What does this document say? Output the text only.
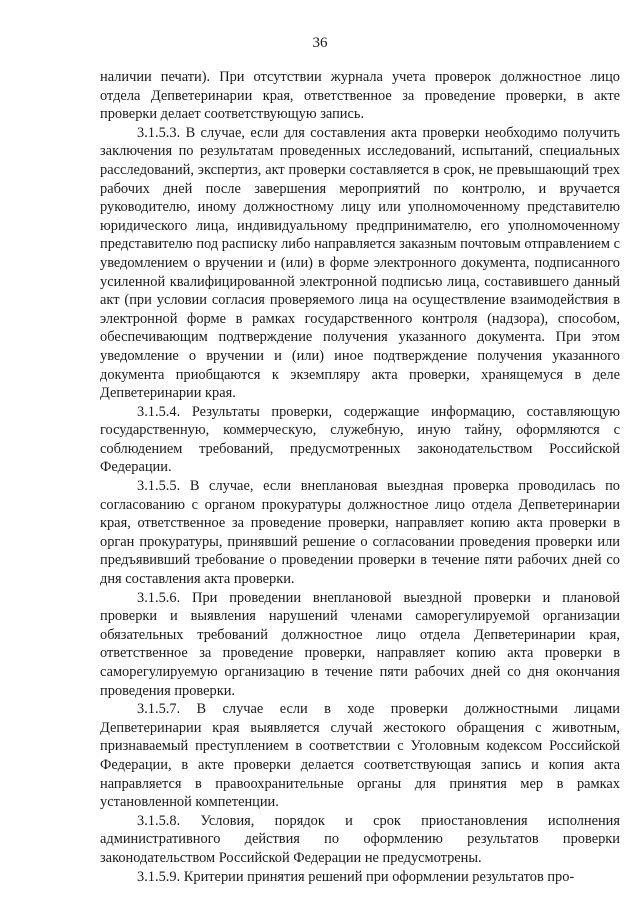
36

наличии печати). При отсутствии журнала учета проверок должностное лицо отдела Депветеринарии края, ответственное за проведение проверки, в акте проверки делает соответствующую запись.

3.1.5.3. В случае, если для составления акта проверки необходимо получить заключения по результатам проведенных исследований, испытаний, специальных расследований, экспертиз, акт проверки составляется в срок, не превышающий трех рабочих дней после завершения мероприятий по контролю, и вручается руководителю, иному должностному лицу или уполномоченному представителю юридического лица, индивидуальному предпринимателю, его уполномоченному представителю под расписку либо направляется заказным почтовым отправлением с уведомлением о вручении и (или) в форме электронного документа, подписанного усиленной квалифицированной электронной подписью лица, составившего данный акт (при условии согласия проверяемого лица на осуществление взаимодействия в электронной форме в рамках государственного контроля (надзора), способом, обеспечивающим подтверждение получения указанного документа. При этом уведомление о вручении и (или) иное подтверждение получения указанного документа приобщаются к экземпляру акта проверки, хранящемуся в деле Депветеринарии края.

3.1.5.4. Результаты проверки, содержащие информацию, составляющую государственную, коммерческую, служебную, иную тайну, оформляются с соблюдением требований, предусмотренных законодательством Российской Федерации.

3.1.5.5. В случае, если внеплановая выездная проверка проводилась по согласованию с органом прокуратуры должностное лицо отдела Депветеринарии края, ответственное за проведение проверки, направляет копию акта проверки в орган прокуратуры, принявший решение о согласовании проведения проверки или предъявивший требование о проведении проверки в течение пяти рабочих дней со дня составления акта проверки.

3.1.5.6. При проведении внеплановой выездной проверки и плановой проверки и выявления нарушений членами саморегулируемой организации обязательных требований должностное лицо отдела Депветеринарии края, ответственное за проведение проверки, направляет копию акта проверки в саморегулируемую организацию в течение пяти рабочих дней со дня окончания проведения проверки.

3.1.5.7. В случае если в ходе проверки должностными лицами Депветеринарии края выявляется случай жестокого обращения с животным, признаваемый преступлением в соответствии с Уголовным кодексом Российской Федерации, в акте проверки делается соответствующая запись и копия акта направляется в правоохранительные органы для принятия мер в рамках установленной компетенции.

3.1.5.8. Условия, порядок и срок приостановления исполнения административного действия по оформлению результатов проверки законодательством Российской Федерации не предусмотрены.

3.1.5.9. Критерии принятия решений при оформлении результатов про-
